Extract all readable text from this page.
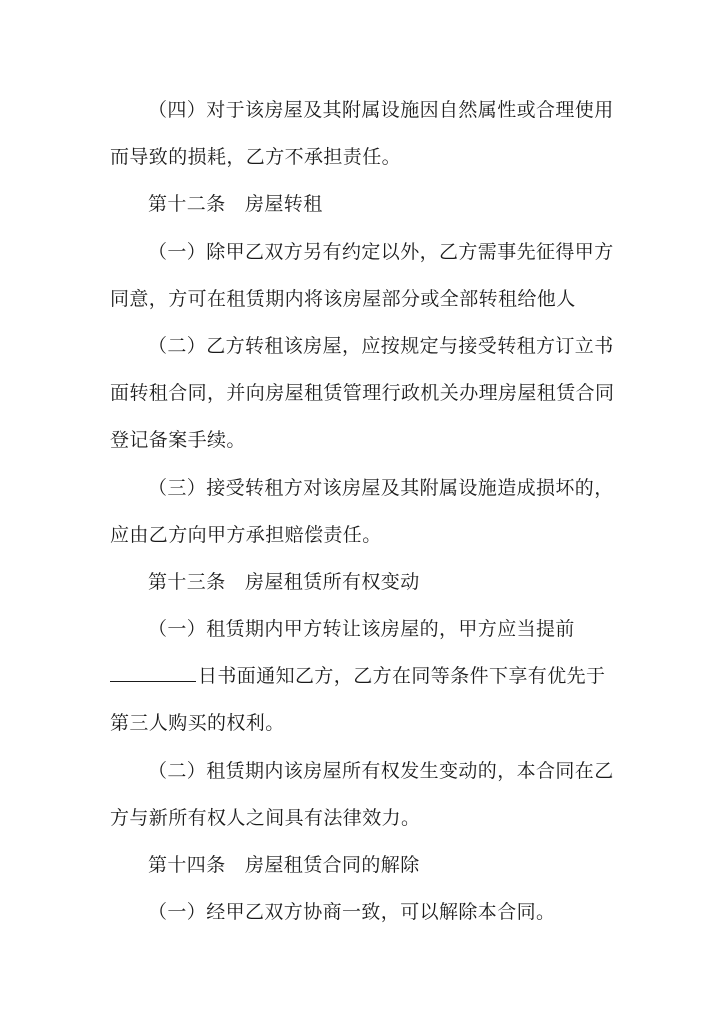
（四）对于该房屋及其附属设施因自然属性或合理使用
而导致的损耗，乙方不承担责任。
第十二条　房屋转租
（一）除甲乙双方另有约定以外，乙方需事先征得甲方
同意，方可在租赁期内将该房屋部分或全部转租给他人
（二）乙方转租该房屋，应按规定与接受转租方订立书
面转租合同，并向房屋租赁管理行政机关办理房屋租赁合同
登记备案手续。
（三）接受转租方对该房屋及其附属设施造成损坏的，
应由乙方向甲方承担赔偿责任。
第十三条　房屋租赁所有权变动
（一）租赁期内甲方转让该房屋的，甲方应当提前
日书面通知乙方，乙方在同等条件下享有优先于
第三人购买的权利。
（二）租赁期内该房屋所有权发生变动的，本合同在乙
方与新所有权人之间具有法律效力。
第十四条　房屋租赁合同的解除
（一）经甲乙双方协商一致，可以解除本合同。
